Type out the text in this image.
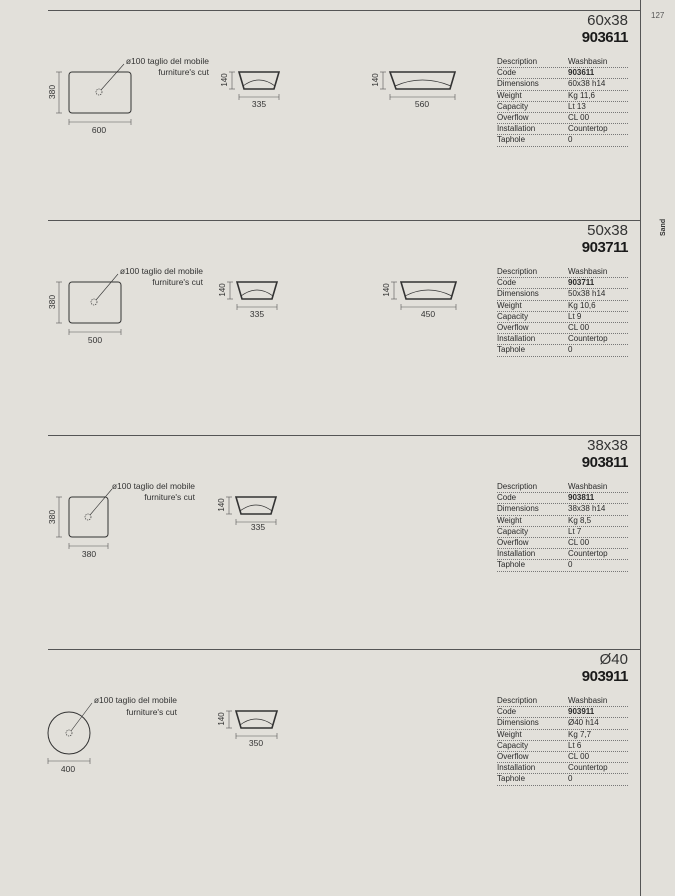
127
Sand
60x38
903611
ø100 taglio del mobile
furniture's cut
600
380
335
140
560
140
Description	Washbasin
Code	903611
Dimensions	60x38 h14
Weight	Kg 11,6
Capacity	Lt 13
Overflow	CL 00
Installation	Countertop
Taphole	0
50x38
903711
ø100 taglio del mobile
furniture's cut
500
380
335
140
450
140
Description	Washbasin
Code	903711
Dimensions	50x38 h14
Weight	Kg 10,6
Capacity	Lt 9
Overflow	CL 00
Installation	Countertop
Taphole	0
38x38
903811
ø100 taglio del mobile
furniture's cut
380
380
335
140
Description	Washbasin
Code	903811
Dimensions	38x38 h14
Weight	Kg 8,5
Capacity	Lt 7
Overflow	CL 00
Installation	Countertop
Taphole	0
Ø40
903911
ø100 taglio del mobile
furniture's cut
400
350
140
Description	Washbasin
Code	903911
Dimensions	Ø40 h14
Weight	Kg 7,7
Capacity	Lt 6
Overflow	CL 00
Installation	Countertop
Taphole	0
